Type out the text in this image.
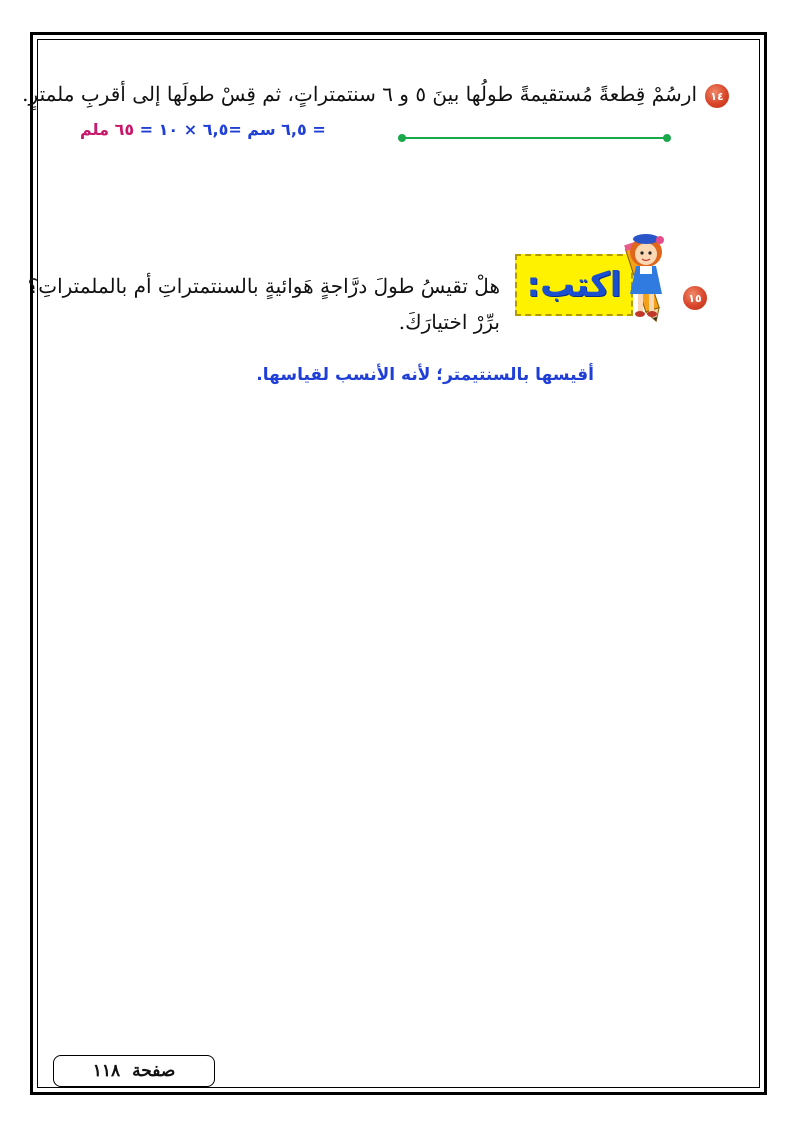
١٤
ارسُمْ قِطعةً مُستقيمةً طولُها بينَ ٥ و ٦ سنتمتراتٍ، ثم قِسْ طولَها إلى أقربِ ملمترٍ.
= ٦,٥ سم =٦,٥ × ١٠ = ٦٥ ملم
١٥
اكتب:
هلْ تقيسُ طولَ درَّاجةٍ هَوائيةٍ بالسنتمتراتِ أم بالملمتراتِ؟
برِّرْ اختيارَكَ.
أقيسها بالسنتيمتر؛ لأنه الأنسب لقياسها.
صفحة
١١٨
